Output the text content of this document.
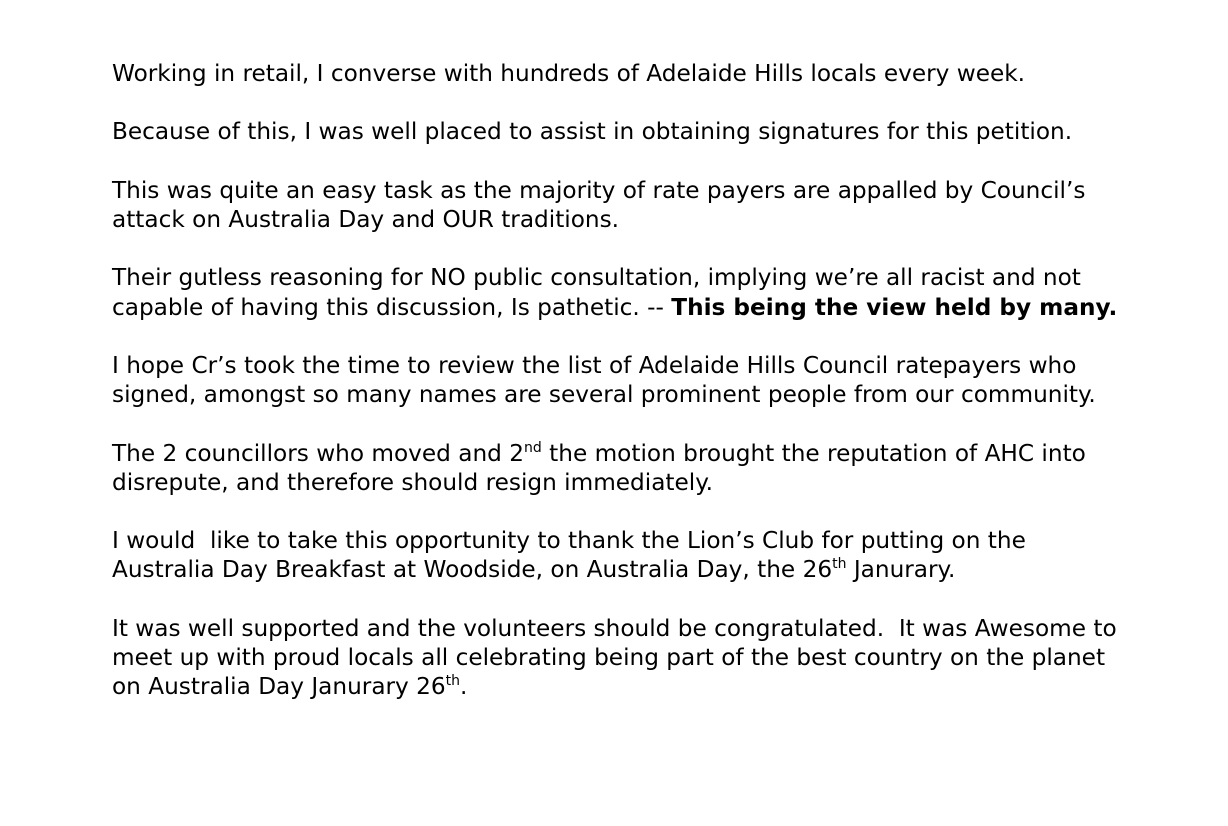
Working in retail, I converse with hundreds of Adelaide Hills locals every week.

Because of this, I was well placed to assist in obtaining signatures for this petition.

This was quite an easy task as the majority of rate payers are appalled by Council’s attack on Australia Day and OUR traditions.

Their gutless reasoning for NO public consultation, implying we’re all racist and not capable of having this discussion, Is pathetic. -- This being the view held by many.

I hope Cr’s took the time to review the list of Adelaide Hills Council ratepayers who signed, amongst so many names are several prominent people from our community.

The 2 councillors who moved and 2nd the motion brought the reputation of AHC into disrepute, and therefore should resign immediately.

I would  like to take this opportunity to thank the Lion’s Club for putting on the Australia Day Breakfast at Woodside, on Australia Day, the 26th Janurary.

It was well supported and the volunteers should be congratulated.  It was Awesome to meet up with proud locals all celebrating being part of the best country on the planet on Australia Day Janurary 26th.
